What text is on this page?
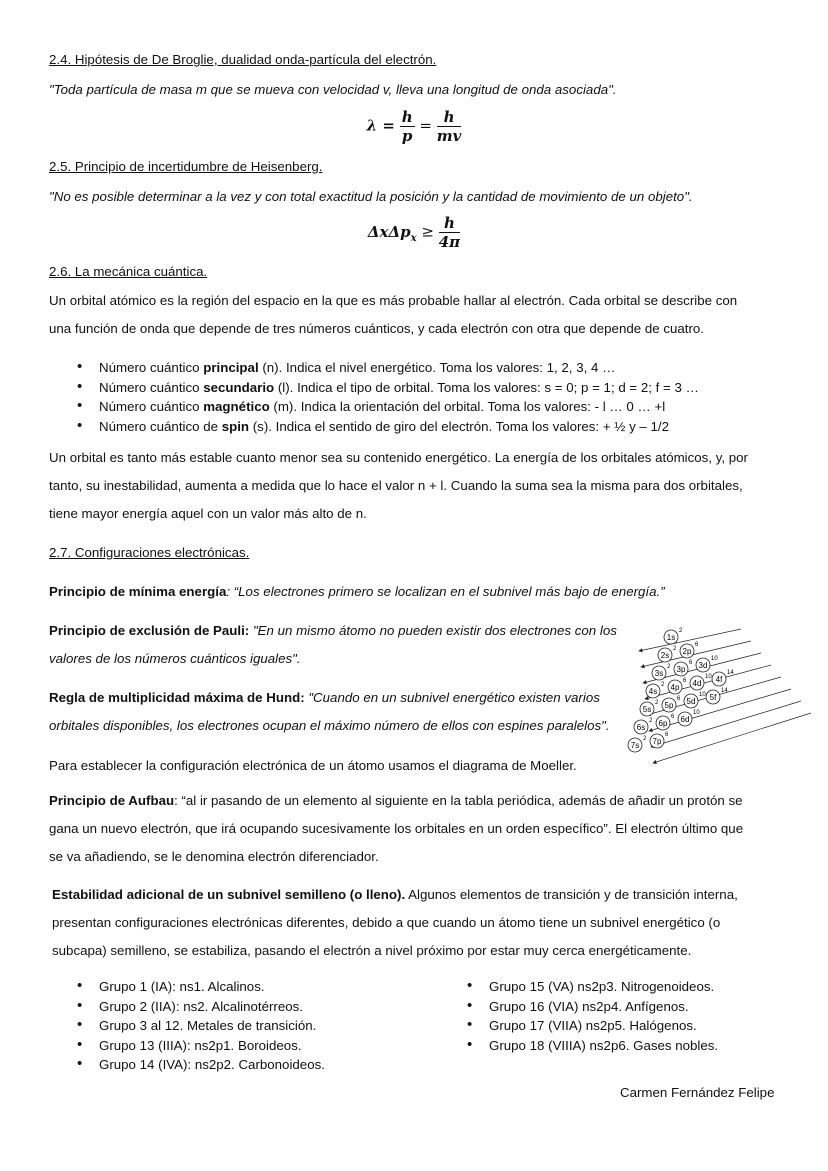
2.4. Hipótesis de De Broglie, dualidad onda-partícula del electrón.
"Toda partícula de masa m que se mueva con velocidad v, lleva una longitud de onda asociada".
$\lambda = \frac{h}{p} = \frac{h}{mv}$
2.5. Principio de incertidumbre de Heisenberg.
"No es posible determinar a la vez y con total exactitud la posición y la cantidad de movimiento de un objeto".
$\Delta x\Delta p_x \ge \frac{h}{4\pi}$
2.6. La mecánica cuántica.
Un orbital atómico es la región del espacio en la que es más probable hallar al electrón. Cada orbital se describe con
una función de onda que depende de tres números cuánticos, y cada electrón con otra que depende de cuatro.
• Número cuántico principal (n). Indica el nivel energético. Toma los valores: 1, 2, 3, 4 …
• Número cuántico secundario (l). Indica el tipo de orbital. Toma los valores: s = 0; p = 1; d = 2; f = 3 …
• Número cuántico magnético (m). Indica la orientación del orbital. Toma los valores: - l … 0 … +l
• Número cuántico de spin (s). Indica el sentido de giro del electrón. Toma los valores: + ½ y – 1/2
Un orbital es tanto más estable cuanto menor sea su contenido energético. La energía de los orbitales atómicos, y, por
tanto, su inestabilidad, aumenta a medida que lo hace el valor n + l. Cuando la suma sea la misma para dos orbitales,
tiene mayor energía aquel con un valor más alto de n.
2.7. Configuraciones electrónicas.
Principio de mínima energía: “Los electrones primero se localizan en el subnivel más bajo de energía.”
Principio de exclusión de Pauli: "En un mismo átomo no pueden existir dos electrones con los
valores de los números cuánticos iguales".
Regla de multiplicidad máxima de Hund: "Cuando en un subnivel energético existen varios
orbitales disponibles, los electrones ocupan el máximo número de ellos con espines paralelos".
Para establecer la configuración electrónica de un átomo usamos el diagrama de Moeller.
Principio de Aufbau: “al ir pasando de un elemento al siguiente en la tabla periódica, además de añadir un protón se
gana un nuevo electrón, que irá ocupando sucesivamente los orbitales en un orden específico”. El electrón último que
se va añadiendo, se le denomina electrón diferenciador.
Estabilidad adicional de un subnivel semilleno (o lleno). Algunos elementos de transición y de transición interna,
presentan configuraciones electrónicas diferentes, debido a que cuando un átomo tiene un subnivel energético (o
subcapa) semilleno, se estabiliza, pasando el electrón a nivel próximo por estar muy cerca energéticamente.
• Grupo 1 (IA): ns1. Alcalinos.
• Grupo 2 (IIA): ns2. Alcalinotérreos.
• Grupo 3 al 12. Metales de transición.
• Grupo 13 (IIIA): ns2p1. Boroideos.
• Grupo 14 (IVA): ns2p2. Carbonoideos.
• Grupo 15 (VA) ns2p3. Nitrogenoideos.
• Grupo 16 (VIA) ns2p4. Anfígenos.
• Grupo 17 (VIIA) ns2p5. Halógenos.
• Grupo 18 (VIIIA) ns2p6. Gases nobles.
Carmen Fernández Felipe
1s
2
2s
2 2p
6
3s
2 3p
6 3d
10
4s
2 4p
6 4d
10 4f
14
5s
2 5p
6 5d
10 5f
14
6s
2 6p
6 6d
10
7s
2 7p
6
